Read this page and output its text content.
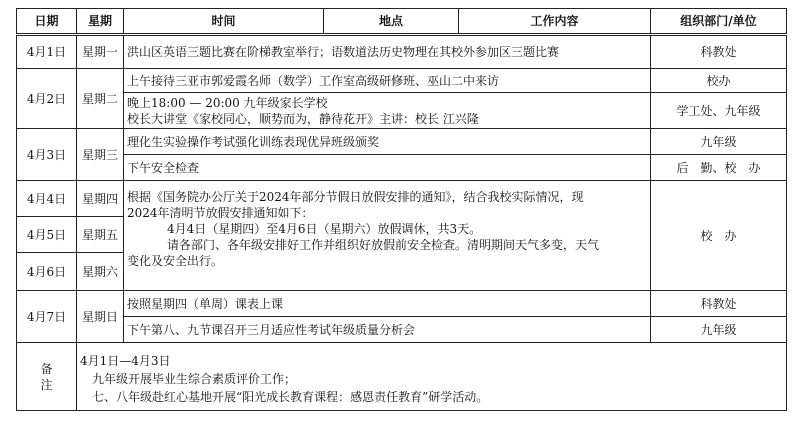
日期	星期	时间	地点	工作内容	组织部门/单位
4月1日	星期一	洪山区英语三题比赛在阶梯教室举行；语数道法历史物理在其校外参加区三题比赛			科教处
4月2日	星期二	上午接待三亚市郭爱霞名师（数学）工作室高级研修班、巫山二中来访			校办

		晚上18:00 — 20:00 九年级家长学校
校长大讲堂《家校同心，顺势而为，静待花开》主讲：校长 江兴隆			学工处、九年级
4月3日	星期三	理化生实验操作考试强化训练表现优异班级颁奖			九年级
		下午安全检查			后　勤、校　办
4月4日	星期四	根据《国务院办公厅关于2024年部分节假日放假安排的通知》，结合我校实际情况，现
2024年清明节放假安排通知如下：
4月4日（星期四）至4月6日（星期六）放假调休，共3天。
请各部门、各年级安排好工作并组织好放假前安全检查。清明期间天气多变，天气
变化及安全出行。			校　办
4月5日	星期五				
4月6日	星期六				
4月7日	星期日	按照星期四（单周）课表上课			科教处
		下午第八、九节课召开三月适应性考试年级质量分析会			九年级

备
注	4月1日—4月3日
九年级开展毕业生综合素质评价工作；
七、八年级赴红心基地开展“阳光成长教育课程：感恩责任教育”研学活动。				
